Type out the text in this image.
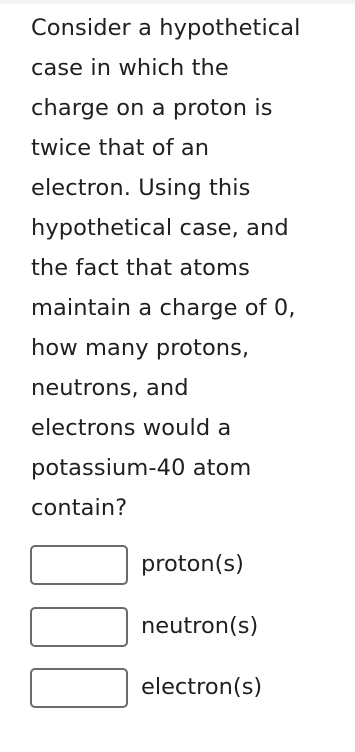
Consider a hypothetical
case in which the
charge on a proton is
twice that of an
electron. Using this
hypothetical case, and
the fact that atoms
maintain a charge of 0,
how many protons,
neutrons, and
electrons would a
potassium-40 atom
contain?

proton(s)
neutron(s)
electron(s)
